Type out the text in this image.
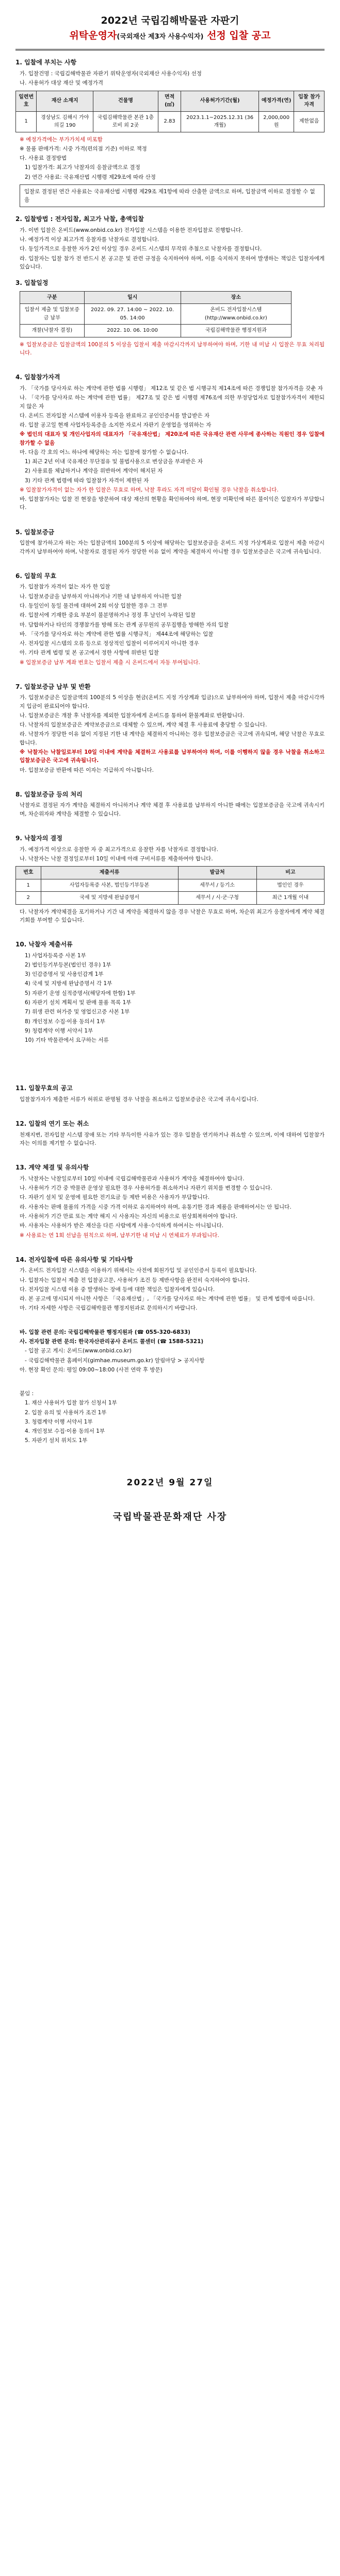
2022년 국립김해박물관 자판기
위탁운영자(국외재산 제3자 사용수익자) 선정 입찰 공고
1. 입찰에 부치는 사항
가. 입찰건명 : 국립김해박물관 자판기 위탁운영자(국외재산 사용수익자) 선정
나. 사용허가 대상 재산 및 예정가격
일련번호	재산 소재지	건물명	면적(㎡)	사용허가기간(월)	예정가격(연)	입찰 참가 자격
1	경상남도 김해시 가야의길 190	국립김해박물관 본관 1층 로비 외 2곳	2.83	2023.1.1~2025.12.31 (36개월)	2,000,000원	제한없음
※ 예정가격에는 부가가치세 미포함
※ 물품 판매가격: 시중 가격(편의점 기준) 이하로 책정
다. 사용료 결정방법
1) 입찰가격: 최고가 낙찰자의 응찰금액으로 결정
2) 연간 사용료: 국유재산법 시행령 제29조에 따라 산정
입찰로 결정된 연간 사용료는 국유재산법 시행령 제29조 제1항에 따라 산출한 금액으로 하며, 입찰금액 이하로 결정할 수 없음
2. 입찰방법 : 전자입찰, 최고가 낙찰, 총액입찰
가. 이번 입찰은 온비드(www.onbid.co.kr) 전자입찰 시스템을 이용한 전자입찰로 진행합니다.
나. 예정가격 이상 최고가격 응찰자를 낙찰자로 결정합니다.
다. 동일가격으로 응찰한 자가 2인 이상일 경우 온비드 시스템의 무작위 추첨으로 낙찰자를 결정합니다.
라. 입찰자는 입찰 참가 전 반드시 본 공고문 및 관련 규정을 숙지하여야 하며, 이를 숙지하지 못하여 발생하는 책임은 입찰자에게 있습니다.
3. 입찰일정
구분	일시	장소
입찰서 제출 및 입찰보증금 납부	2022. 09. 27. 14:00 ~ 2022. 10. 05. 14:00	온비드 전자입찰시스템 (http://www.onbid.co.kr)
개찰(낙찰자 결정)	2022. 10. 06. 10:00	국립김해박물관 행정지원과
※ 입찰보증금은 입찰금액의 100분의 5 이상을 입찰서 제출 마감시각까지 납부하여야 하며, 기한 내 미납 시 입찰은 무효 처리됩니다.
4. 입찰참가자격
가. 「국가를 당사자로 하는 계약에 관한 법률 시행령」 제12조 및 같은 법 시행규칙 제14조에 따른 경쟁입찰 참가자격을 갖춘 자
나. 「국가를 당사자로 하는 계약에 관한 법률」 제27조 및 같은 법 시행령 제76조에 의한 부정당업자로 입찰참가자격이 제한되지 않은 자
다. 온비드 전자입찰 시스템에 이용자 등록을 완료하고 공인인증서를 발급받은 자
라. 입찰 공고일 현재 사업자등록증을 소지한 자로서 자판기 운영업을 영위하는 자
※ 법인의 대표자 및 개인사업자의 대표자가 「국유재산법」 제20조에 따른 국유재산 관련 사무에 종사하는 직원인 경우 입찰에 참가할 수 없음
마. 다음 각 호의 어느 하나에 해당하는 자는 입찰에 참가할 수 없습니다.
1) 최근 2년 이내 국유재산 무단점유 및 불법사용으로 변상금을 부과받은 자
2) 사용료를 체납하거나 계약을 위반하여 계약이 해지된 자
3) 기타 관계 법령에 따라 입찰참가 자격이 제한된 자
※ 입찰참가자격이 없는 자가 한 입찰은 무효로 하며, 낙찰 후라도 자격 미달이 확인될 경우 낙찰을 취소합니다.
바. 입찰참가자는 입찰 전 현장을 방문하여 대상 재산의 현황을 확인하여야 하며, 현장 미확인에 따른 불이익은 입찰자가 부담합니다.
5. 입찰보증금
입찰에 참가하고자 하는 자는 입찰금액의 100분의 5 이상에 해당하는 입찰보증금을 온비드 지정 가상계좌로 입찰서 제출 마감시각까지 납부하여야 하며, 낙찰자로 결정된 자가 정당한 이유 없이 계약을 체결하지 아니할 경우 입찰보증금은 국고에 귀속됩니다.
6. 입찰의 무효
가. 입찰참가 자격이 없는 자가 한 입찰
나. 입찰보증금을 납부하지 아니하거나 기한 내 납부하지 아니한 입찰
다. 동일인이 동일 물건에 대하여 2회 이상 입찰한 경우 그 전부
라. 입찰서에 기재한 중요 부분이 불분명하거나 정정 후 날인이 누락된 입찰
마. 담합하거나 타인의 경쟁참가를 방해 또는 관계 공무원의 공무집행을 방해한 자의 입찰
바. 「국가를 당사자로 하는 계약에 관한 법률 시행규칙」 제44조에 해당하는 입찰
사. 전자입찰 시스템의 오류 등으로 정상적인 입찰이 이루어지지 아니한 경우
아. 기타 관계 법령 및 본 공고에서 정한 사항에 위반된 입찰
※ 입찰보증금 납부 계좌 번호는 입찰서 제출 시 온비드에서 자동 부여됩니다.
7. 입찰보증금 납부 및 반환
가. 입찰보증금은 입찰금액의 100분의 5 이상을 현금(온비드 지정 가상계좌 입금)으로 납부하여야 하며, 입찰서 제출 마감시각까지 입금이 완료되어야 합니다.
나. 입찰보증금은 개찰 후 낙찰자를 제외한 입찰자에게 온비드를 통하여 환불계좌로 반환합니다.
다. 낙찰자의 입찰보증금은 계약보증금으로 대체할 수 있으며, 계약 체결 후 사용료에 충당할 수 있습니다.
라. 낙찰자가 정당한 이유 없이 지정된 기한 내 계약을 체결하지 아니하는 경우 입찰보증금은 국고에 귀속되며, 해당 낙찰은 무효로 합니다.
※ 낙찰자는 낙찰일로부터 10일 이내에 계약을 체결하고 사용료를 납부하여야 하며, 이를 이행하지 않을 경우 낙찰을 취소하고 입찰보증금은 국고에 귀속됩니다.
마. 입찰보증금 반환에 따른 이자는 지급하지 아니합니다.
8. 입찰보증금 등의 처리
낙찰자로 결정된 자가 계약을 체결하지 아니하거나 계약 체결 후 사용료를 납부하지 아니한 때에는 입찰보증금을 국고에 귀속시키며, 차순위자와 계약을 체결할 수 있습니다.
9. 낙찰자의 결정
가. 예정가격 이상으로 응찰한 자 중 최고가격으로 응찰한 자를 낙찰자로 결정합니다.
나. 낙찰자는 낙찰 결정일로부터 10일 이내에 아래 구비서류를 제출하여야 합니다.
번호	제출서류	발급처	비고
1	사업자등록증 사본, 법인등기부등본	세무서 / 등기소	법인인 경우
2	국세 및 지방세 완납증명서	세무서 / 시·군·구청	최근 1개월 이내
다. 낙찰자가 계약체결을 포기하거나 기간 내 계약을 체결하지 않을 경우 낙찰은 무효로 하며, 차순위 최고가 응찰자에게 계약 체결 기회를 부여할 수 있습니다.
10. 낙찰자 제출서류
1) 사업자등록증 사본 1부
2) 법인등기부등본(법인인 경우) 1부
3) 인감증명서 및 사용인감계 1부
4) 국세 및 지방세 완납증명서 각 1부
5) 자판기 운영 실적증명서(해당자에 한함) 1부
6) 자판기 설치 계획서 및 판매 물품 목록 1부
7) 위생 관련 허가증 및 영업신고증 사본 1부
8) 개인정보 수집·이용 동의서 1부
9) 청렴계약 이행 서약서 1부
10) 기타 박물관에서 요구하는 서류
11. 입찰무효의 공고
입찰참가자가 제출한 서류가 허위로 판명될 경우 낙찰을 취소하고 입찰보증금은 국고에 귀속시킵니다.
12. 입찰의 연기 또는 취소
천재지변, 전자입찰 시스템 장애 또는 기타 부득이한 사유가 있는 경우 입찰을 연기하거나 취소할 수 있으며, 이에 대하여 입찰참가자는 이의를 제기할 수 없습니다.
13. 계약 체결 및 유의사항
가. 낙찰자는 낙찰일로부터 10일 이내에 국립김해박물관과 사용허가 계약을 체결하여야 합니다.
나. 사용허가 기간 중 박물관 운영상 필요한 경우 사용허가를 취소하거나 자판기 위치를 변경할 수 있습니다.
다. 자판기 설치 및 운영에 필요한 전기요금 등 제반 비용은 사용자가 부담합니다.
라. 사용자는 판매 물품의 가격을 시중 가격 이하로 유지하여야 하며, 유통기한 경과 제품을 판매하여서는 안 됩니다.
마. 사용허가 기간 만료 또는 계약 해지 시 사용자는 자신의 비용으로 원상회복하여야 합니다.
바. 사용자는 사용허가 받은 재산을 다른 사람에게 사용·수익하게 하여서는 아니됩니다.
※ 사용료는 연 1회 선납을 원칙으로 하며, 납부기한 내 미납 시 연체료가 부과됩니다.
14. 전자입찰에 따른 유의사항 및 기타사항
가. 온비드 전자입찰 시스템을 이용하기 위해서는 사전에 회원가입 및 공인인증서 등록이 필요합니다.
나. 입찰자는 입찰서 제출 전 입찰공고문, 사용허가 조건 등 제반사항을 완전히 숙지하여야 합니다.
다. 전자입찰 시스템 이용 중 발생하는 장애 등에 대한 책임은 입찰자에게 있습니다.
라. 본 공고에 명시되지 아니한 사항은 「국유재산법」, 「국가를 당사자로 하는 계약에 관한 법률」 및 관계 법령에 따릅니다.
마. 기타 자세한 사항은 국립김해박물관 행정지원과로 문의하시기 바랍니다.
바. 입찰 관련 문의: 국립김해박물관 행정지원과 (☎ 055-320-6833)
사. 전자입찰 관련 문의: 한국자산관리공사 온비드 콜센터 (☎ 1588-5321)
- 입찰 공고 게시: 온비드(www.onbid.co.kr)
- 국립김해박물관 홈페이지(gimhae.museum.go.kr) 알림마당 > 공지사항
아. 현장 확인 문의: 평일 09:00~18:00 (사전 연락 후 방문)
붙임 :
1. 재산 사용허가 입찰 참가 신청서 1부
2. 입찰 유의 및 사용허가 조건 1부
3. 청렴계약 이행 서약서 1부
4. 개인정보 수집·이용 동의서 1부
5. 자판기 설치 위치도 1부
2022년 9월 27일
국립박물관문화재단 사장
